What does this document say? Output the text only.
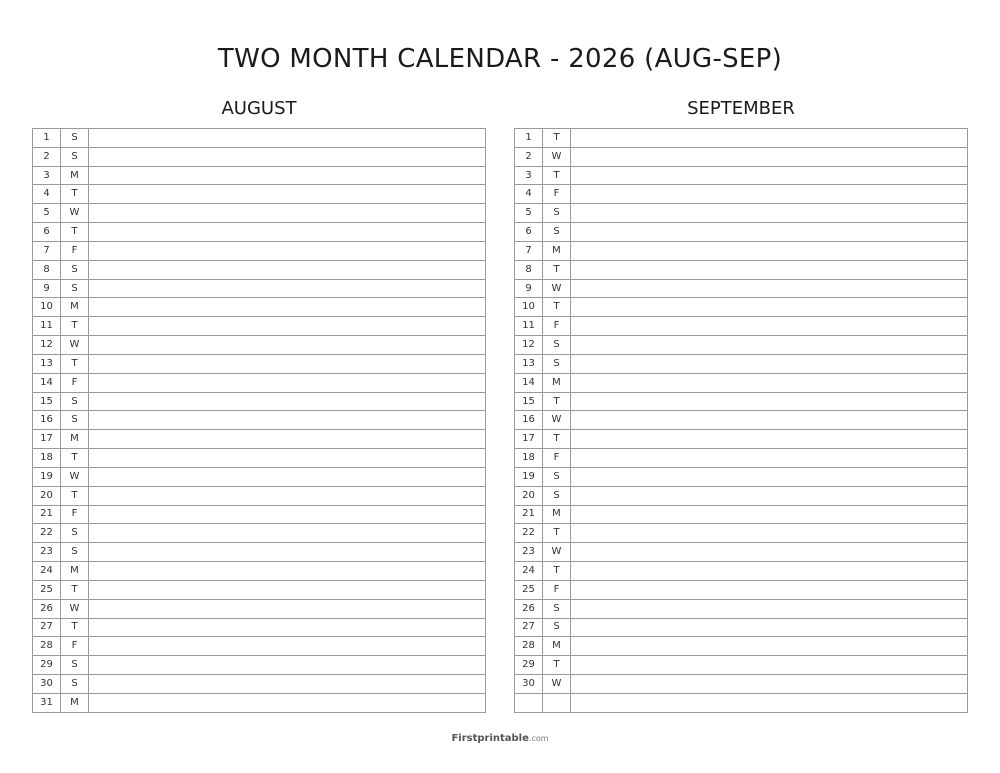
TWO MONTH CALENDAR - 2026 (AUG-SEP)
AUGUST	SEPTEMBER
1	S	
2	S	
3	M	
4	T	
5	W	
6	T	
7	F	
8	S	
9	S	
10	M	
11	T	
12	W	
13	T	
14	F	
15	S	
16	S	
17	M	
18	T	
19	W	
20	T	
21	F	
22	S	
23	S	
24	M	
25	T	
26	W	
27	T	
28	F	
29	S	
30	S	
31	M	
1	T	
2	W	
3	T	
4	F	
5	S	
6	S	
7	M	
8	T	
9	W	
10	T	
11	F	
12	S	
13	S	
14	M	
15	T	
16	W	
17	T	
18	F	
19	S	
20	S	
21	M	
22	T	
23	W	
24	T	
25	F	
26	S	
27	S	
28	M	
29	T	
30	W	

Firstprintable.com
